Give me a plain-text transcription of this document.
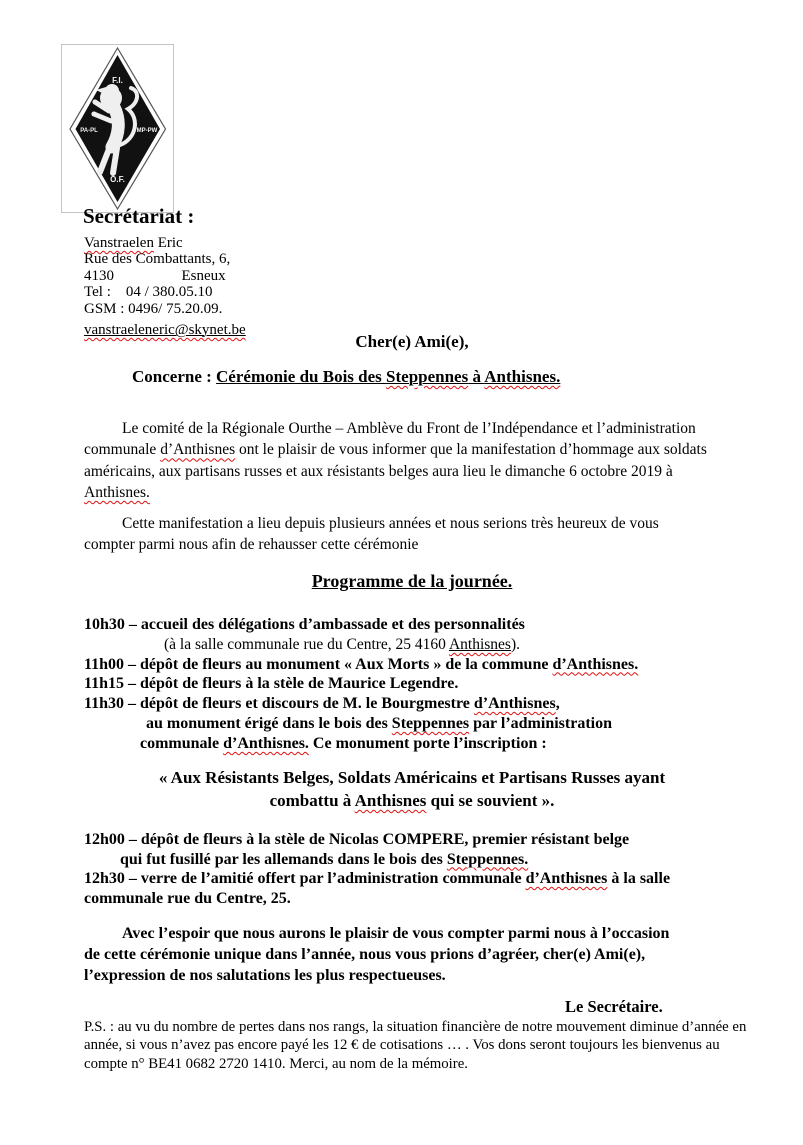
F.I.
PA-PL	MP-PW
O.F.
Secrétariat :
Vanstraelen Eric
Rue des Combattants, 6,
4130                  Esneux
Tel :    04 / 380.05.10
GSM : 0496/ 75.20.09.
vanstraeleneric@skynet.be
Cher(e) Ami(e),
Concerne : Cérémonie du Bois des Steppennes à Anthisnes.
Le comité de la Régionale Ourthe – Amblève du Front de l’Indépendance et l’administration
communale d’Anthisnes ont le plaisir de vous informer que la manifestation d’hommage aux soldats
américains, aux partisans russes et aux résistants belges aura lieu le dimanche 6 octobre 2019 à
Anthisnes.
Cette manifestation a lieu depuis plusieurs années et nous serions très heureux de vous
compter parmi nous afin de rehausser cette cérémonie
Programme de la journée.
10h30 – accueil des délégations d’ambassade et des personnalités
(à la salle communale rue du Centre, 25 4160 Anthisnes).
11h00 – dépôt de fleurs au monument « Aux Morts » de la commune d’Anthisnes.
11h15 – dépôt de fleurs à la stèle de Maurice Legendre.
11h30 – dépôt de fleurs et discours de M. le Bourgmestre d’Anthisnes,
au monument érigé dans le bois des Steppennes par l’administration
communale d’Anthisnes. Ce monument porte l’inscription :
« Aux Résistants Belges, Soldats Américains et Partisans Russes ayant
combattu à Anthisnes qui se souvient ».
12h00 – dépôt de fleurs à la stèle de Nicolas COMPERE, premier résistant belge
qui fut fusillé par les allemands dans le bois des Steppennes.
12h30 – verre de l’amitié offert par l’administration communale d’Anthisnes à la salle
communale rue du Centre, 25.
Avec l’espoir que nous aurons le plaisir de vous compter parmi nous à l’occasion
de cette cérémonie unique dans l’année, nous vous prions d’agréer, cher(e) Ami(e),
l’expression de nos salutations les plus respectueuses.
Le Secrétaire.
P.S. : au vu du nombre de pertes dans nos rangs, la situation financière de notre mouvement diminue d’année en
année, si vous n’avez pas encore payé les 12 € de cotisations … . Vos dons seront toujours les bienvenus au
compte n° BE41 0682 2720 1410. Merci, au nom de la mémoire.
